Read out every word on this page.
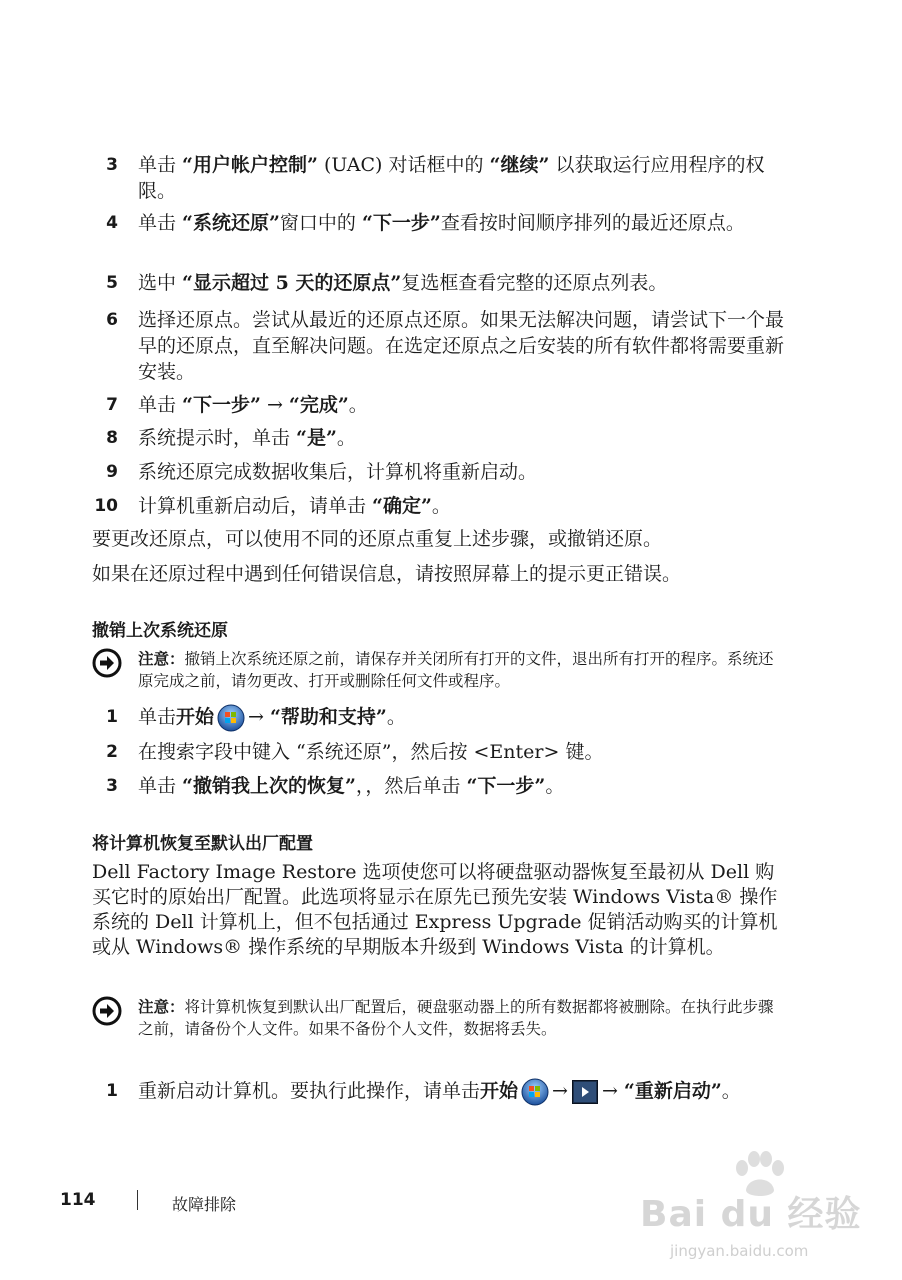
3 单击 “用户帐户控制” (UAC) 对话框中的 “继续” 以获取运行应用程序的权限。
4 单击 “系统还原”窗口中的 “下一步”查看按时间顺序排列的最近还原点。
5 选中 “显示超过 5 天的还原点”复选框查看完整的还原点列表。
6 选择还原点。尝试从最近的还原点还原。如果无法解决问题，请尝试下一个最早的还原点，直至解决问题。在选定还原点之后安装的所有软件都将需要重新安装。
7 单击 “下一步” → “完成”。
8 系统提示时，单击 “是”。
9 系统还原完成数据收集后，计算机将重新启动。
10 计算机重新启动后，请单击 “确定”。
要更改还原点，可以使用不同的还原点重复上述步骤，或撤销还原。
如果在还原过程中遇到任何错误信息，请按照屏幕上的提示更正错误。
撤销上次系统还原
注意：撤销上次系统还原之前，请保存并关闭所有打开的文件，退出所有打开的程序。系统还原完成之前，请勿更改、打开或删除任何文件或程序。
1 单击开始 → “帮助和支持”。
2 在搜索字段中键入 “系统还原”，然后按 <Enter> 键。
3 单击 “撤销我上次的恢复”，，然后单击 “下一步”。
将计算机恢复至默认出厂配置
Dell Factory Image Restore 选项使您可以将硬盘驱动器恢复至最初从 Dell 购买它时的原始出厂配置。此选项将显示在原先已预先安装 Windows Vista® 操作系统的 Dell 计算机上，但不包括通过 Express Upgrade 促销活动购买的计算机或从 Windows® 操作系统的早期版本升级到 Windows Vista 的计算机。
注意：将计算机恢复到默认出厂配置后，硬盘驱动器上的所有数据都将被删除。在执行此步骤之前，请备份个人文件。如果不备份个人文件，数据将丢失。
1 重新启动计算机。要执行此操作，请单击开始 → → “重新启动”。
114	故障排除	Bai du 经验
jingyan.baidu.com
